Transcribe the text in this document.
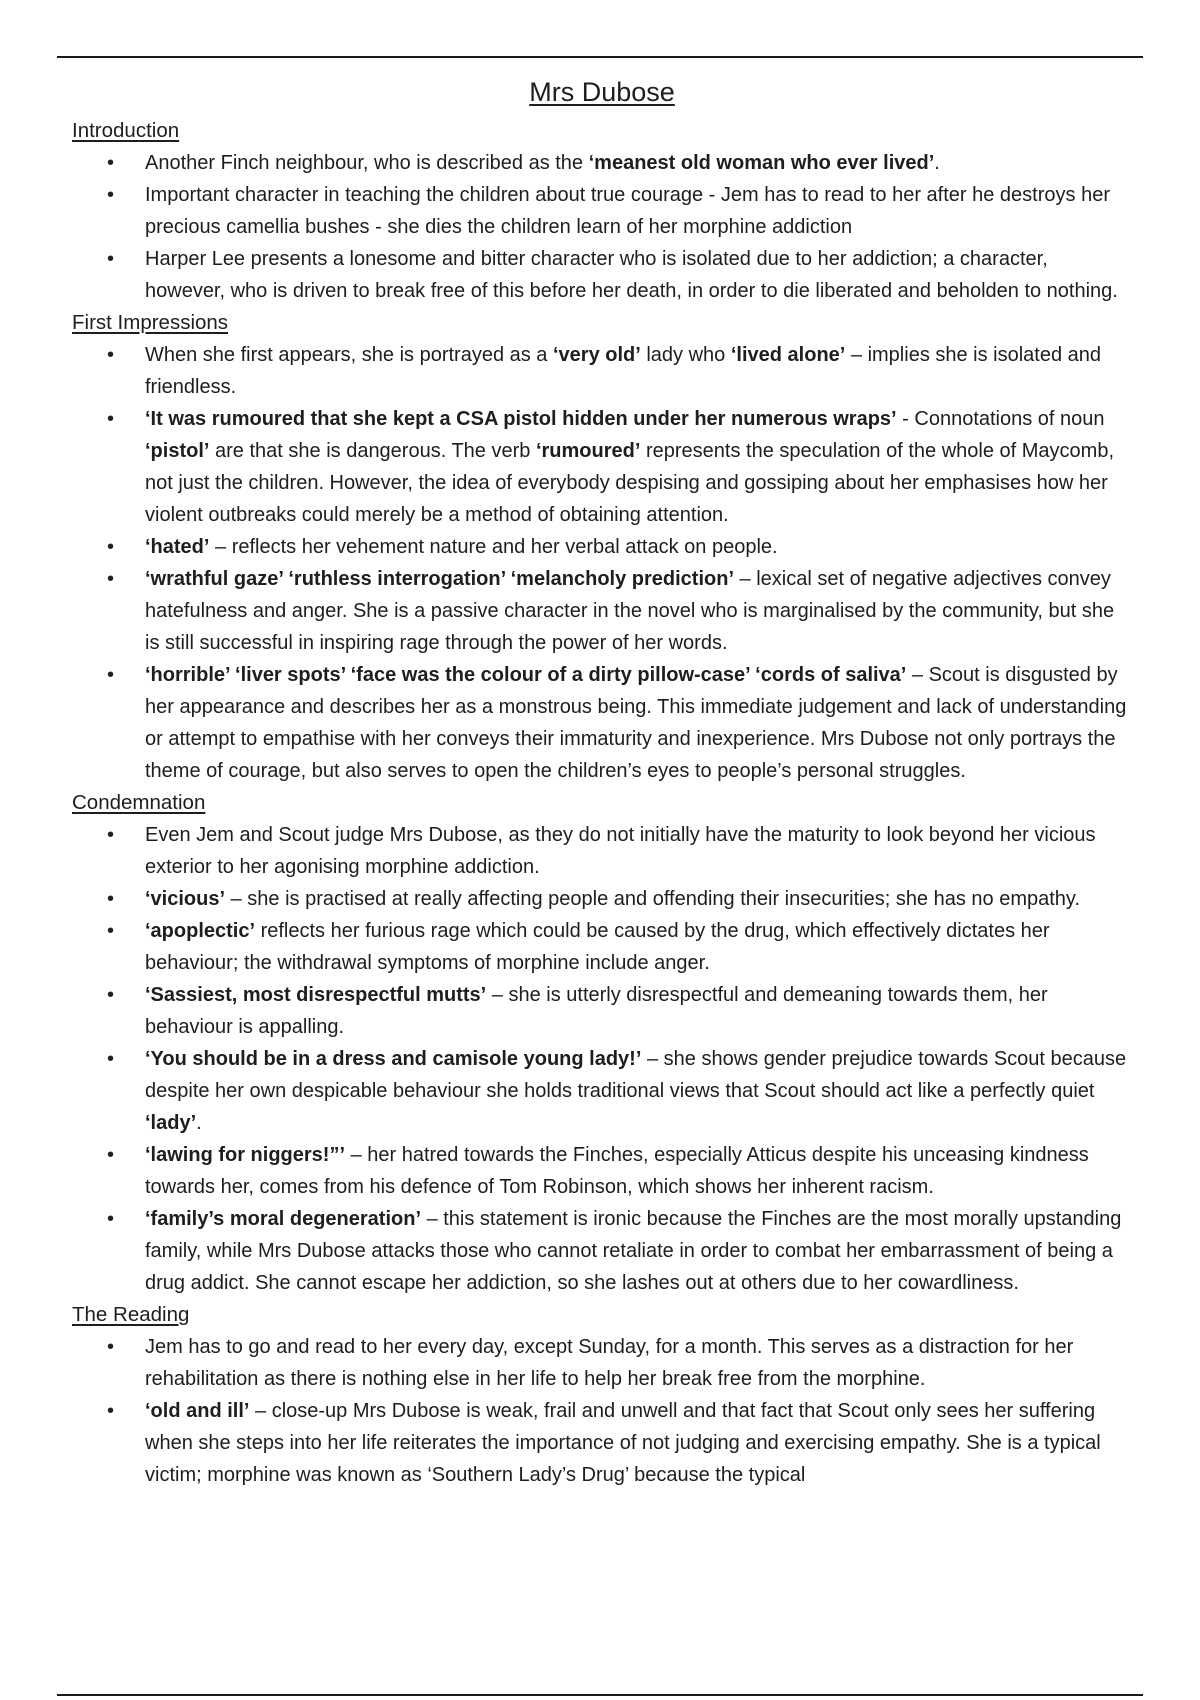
Mrs Dubose
Introduction
• Another Finch neighbour, who is described as the ‘meanest old woman who ever lived’.
• Important character in teaching the children about true courage - Jem has to read to her after he destroys her precious camellia bushes - she dies the children learn of her morphine addiction
• Harper Lee presents a lonesome and bitter character who is isolated due to her addiction; a character, however, who is driven to break free of this before her death, in order to die liberated and beholden to nothing.
First Impressions
• When she first appears, she is portrayed as a ‘very old’ lady who ‘lived alone’ – implies she is isolated and friendless.
• ‘It was rumoured that she kept a CSA pistol hidden under her numerous wraps’ - Connotations of noun ‘pistol’ are that she is dangerous. The verb ‘rumoured’ represents the speculation of the whole of Maycomb, not just the children. However, the idea of everybody despising and gossiping about her emphasises how her violent outbreaks could merely be a method of obtaining attention.
• ‘hated’ – reflects her vehement nature and her verbal attack on people.
• ‘wrathful gaze’ ‘ruthless interrogation’ ‘melancholy prediction’ – lexical set of negative adjectives convey hatefulness and anger. She is a passive character in the novel who is marginalised by the community, but she is still successful in inspiring rage through the power of her words.
• ‘horrible’ ‘liver spots’ ‘face was the colour of a dirty pillow-case’ ‘cords of saliva’ – Scout is disgusted by her appearance and describes her as a monstrous being. This immediate judgement and lack of understanding or attempt to empathise with her conveys their immaturity and inexperience. Mrs Dubose not only portrays the theme of courage, but also serves to open the children’s eyes to people’s personal struggles.
Condemnation
• Even Jem and Scout judge Mrs Dubose, as they do not initially have the maturity to look beyond her vicious exterior to her agonising morphine addiction.
• ‘vicious’ – she is practised at really affecting people and offending their insecurities; she has no empathy.
• ‘apoplectic’ reflects her furious rage which could be caused by the drug, which effectively dictates her behaviour; the withdrawal symptoms of morphine include anger.
• ‘Sassiest, most disrespectful mutts’ – she is utterly disrespectful and demeaning towards them, her behaviour is appalling.
• ‘You should be in a dress and camisole young lady!’ – she shows gender prejudice towards Scout because despite her own despicable behaviour she holds traditional views that Scout should act like a perfectly quiet ‘lady’.
• ‘lawing for niggers!”’ – her hatred towards the Finches, especially Atticus despite his unceasing kindness towards her, comes from his defence of Tom Robinson, which shows her inherent racism.
• ‘family’s moral degeneration’ – this statement is ironic because the Finches are the most morally upstanding family, while Mrs Dubose attacks those who cannot retaliate in order to combat her embarrassment of being a drug addict. She cannot escape her addiction, so she lashes out at others due to her cowardliness.
The Reading
• Jem has to go and read to her every day, except Sunday, for a month. This serves as a distraction for her rehabilitation as there is nothing else in her life to help her break free from the morphine.
• ‘old and ill’ – close-up Mrs Dubose is weak, frail and unwell and that fact that Scout only sees her suffering when she steps into her life reiterates the importance of not judging and exercising empathy. She is a typical victim; morphine was known as ‘Southern Lady’s Drug’ because the typical
